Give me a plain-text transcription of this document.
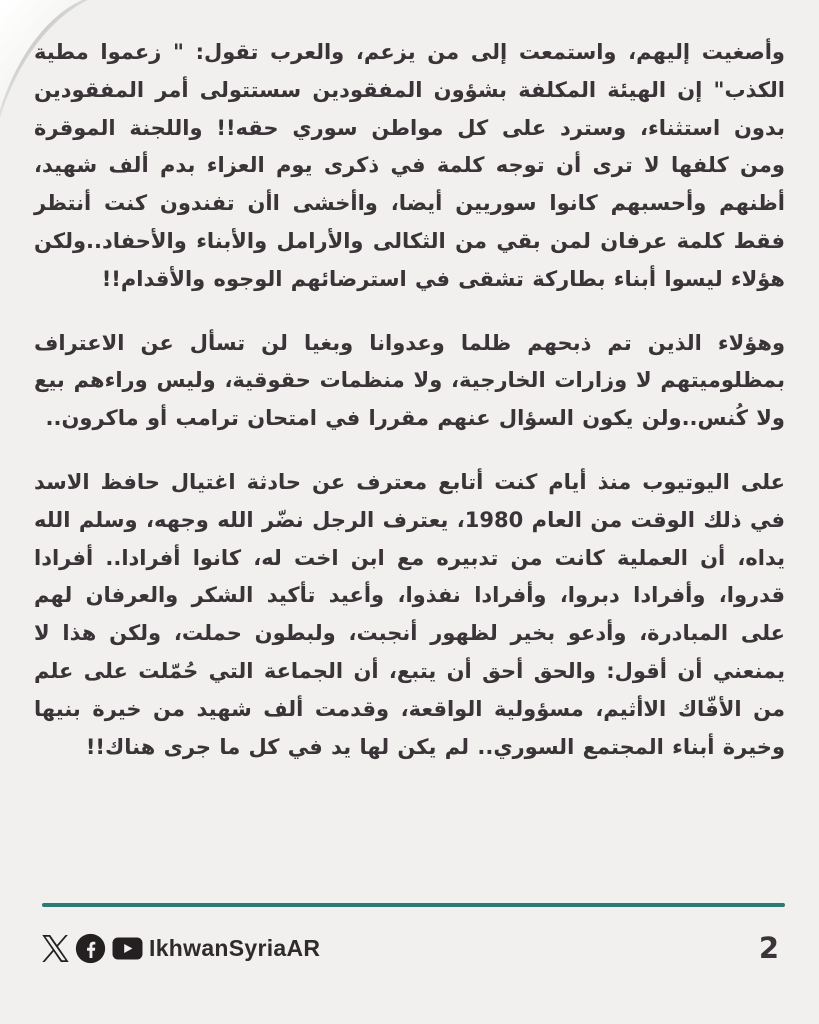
وأصغيت إليهم، واستمعت إلى من يزعم، والعرب تقول: " زعموا مطية الكذب" إن الهيئة المكلفة بشؤون المفقودين سستتولى أمر المفقودين بدون استثناء، وسترد على كل مواطن سوري حقه!! واللجنة الموقرة ومن كلفها لا ترى أن توجه كلمة في ذكرى يوم العزاء بدم ألف شهيد، أظنهم وأحسبهم كانوا سوريين أيضا، واأخشى اأن تفندون كنت أنتظر فقط كلمة عرفان لمن بقي من الثكالى والأرامل والأبناء والأحفاد..ولكن هؤلاء ليسوا أبناء بطاركة تشقى في استرضائهم الوجوه والأقدام!!

وهؤلاء الذين تم ذبحهم ظلما وعدوانا وبغيا لن تسأل عن الاعتراف بمظلوميتهم لا وزارات الخارجية، ولا منظمات حقوقية، وليس وراءهم بيع ولا كُنس..ولن يكون السؤال عنهم مقررا في امتحان ترامب أو ماكرون..

على اليوتيوب منذ أيام كنت أتابع معترف عن حادثة اغتيال حافظ الاسد في ذلك الوقت من العام 1980، يعترف الرجل نضّر الله وجهه، وسلم الله يداه، أن العملية كانت من تدبيره مع ابن اخت له، كانوا أفرادا.. أفرادا قدروا، وأفرادا دبروا، وأفرادا نفذوا، وأعيد تأكيد الشكر والعرفان لهم على المبادرة، وأدعو بخير لظهور أنجبت، ولبطون حملت، ولكن هذا لا يمنعني أن أقول: والحق أحق أن يتبع، أن الجماعة التي حُمّلت على علم من الأفّاك الاأثيم، مسؤولية الواقعة، وقدمت ألف شهيد من خيرة بنيها وخيرة أبناء المجتمع السوري.. لم يكن لها يد في كل ما جرى هناك!!

IkhwanSyriaAR	2
